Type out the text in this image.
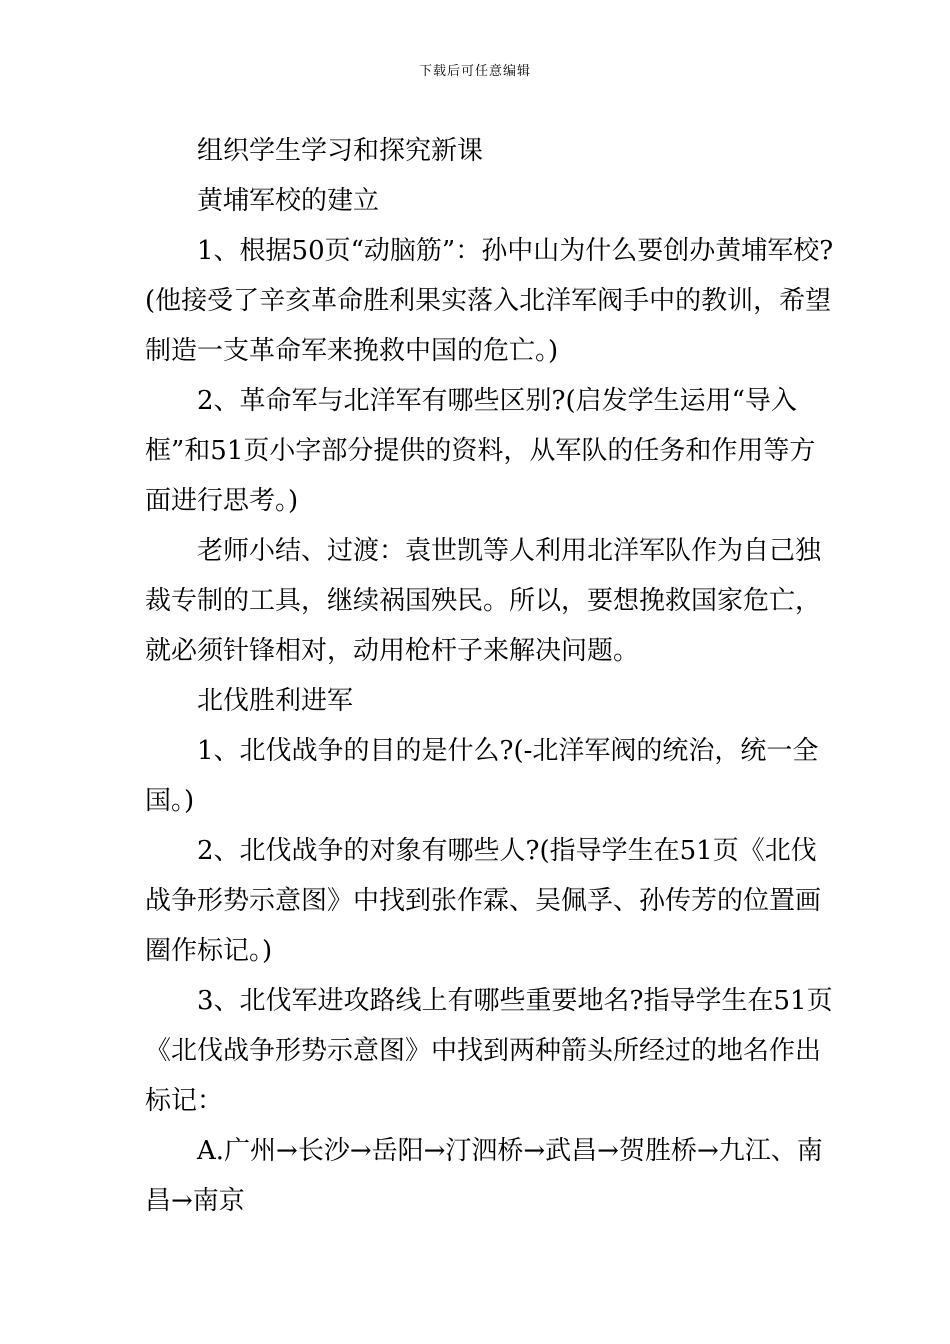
下载后可任意编辑

组织学生学习和探究新课

黄埔军校的建立

1、根据50页“动脑筋”：孙中山为什么要创办黄埔军校?(他接受了辛亥革命胜利果实落入北洋军阀手中的教训，希望制造一支革命军来挽救中国的危亡。)

2、革命军与北洋军有哪些区别?(启发学生运用“导入框”和51页小字部分提供的资料，从军队的任务和作用等方面进行思考。)

老师小结、过渡：袁世凯等人利用北洋军队作为自己独裁专制的工具，继续祸国殃民。所以，要想挽救国家危亡，就必须针锋相对，动用枪杆子来解决问题。

北伐胜利进军

1、北伐战争的目的是什么?(-北洋军阀的统治，统一全国。)

2、北伐战争的对象有哪些人?(指导学生在51页《北伐战争形势示意图》中找到张作霖、吴佩孚、孙传芳的位置画圈作标记。)

3、北伐军进攻路线上有哪些重要地名?指导学生在51页《北伐战争形势示意图》中找到两种箭头所经过的地名作出标记：

A.广州→长沙→岳阳→汀泗桥→武昌→贺胜桥→九江、南昌→南京
